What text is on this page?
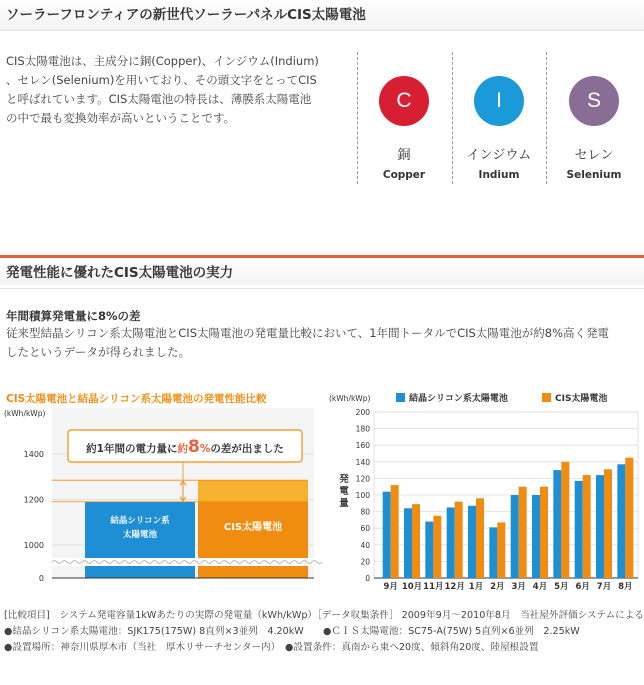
ソーラーフロンティアの新世代ソーラーパネルCIS太陽電池
CIS太陽電池は、主成分に銅(Copper)、インジウム(Indium)
、セレン(Selenium)を用いており、その頭文字をとってCIS
と呼ばれています。CIS太陽電池の特長は、薄膜系太陽電池
の中で最も変換効率が高いということです。
C
銅
Copper
I
インジウム
Indium
S
セレン
Selenium
発電性能に優れたCIS太陽電池の実力
年間積算発電量に8%の差
従来型結晶シリコン系太陽電池とCIS太陽電池の発電量比較において、1年間トータルでCIS太陽電池が約8%高く発電
したというデータが得られました。
CIS太陽電池と結晶シリコン系太陽電池の発電性能比較
(kWh/kWp)
0
1000
1200
1400
結晶シリコン系
太陽電池
CIS太陽電池
約1年間の電力量に約8%の差が出ました
(kWh/kWp)	結晶シリコン系太陽電池	CIS太陽電池
発
電
量
0
20
40
60
80
100
120
140
160
180
200
9月 10月 11月 12月 1月 2月 3月 4月 5月 6月 7月 8月
[比較項目]　システム発電容量1kWあたりの実際の発電量（kWh/kWp）［データ収集条件］ 2009年9月〜2010年8月　当社屋外評価システムによる
●結晶シリコン系太陽電池：SJK175(175W) 8直列×3並列　4.20kW　　●ＣＩＳ太陽電池：SC75-A(75W) 5直列×6並列　2.25kW
●設置場所：神奈川県厚木市（当社　厚木リサーチセンター内）　●設置条件：真南から東へ20度、傾斜角20度、陸屋根設置
